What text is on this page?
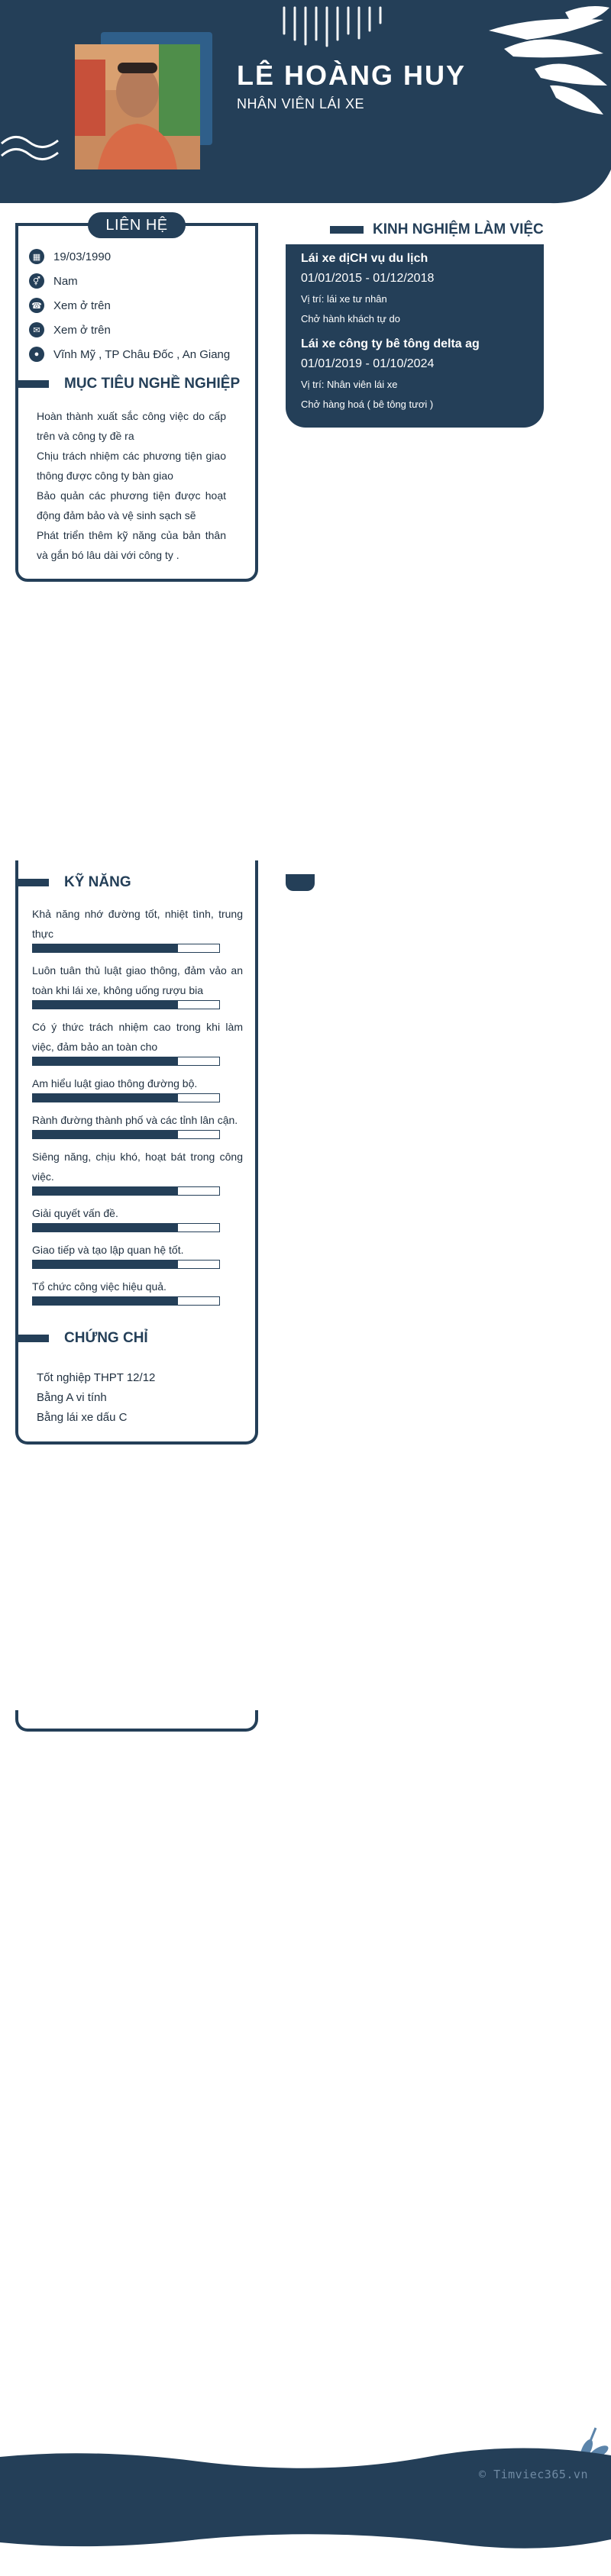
LÊ HOÀNG HUY
NHÂN VIÊN LÁI XE
LIÊN HỆ
▦	19/03/1990
⚥	Nam
☎ Xem ở trên
✉	Xem ở trên
●	Vĩnh Mỹ , TP Châu Đốc , An Giang
MỤC TIÊU NGHỀ NGHIỆP
Hoàn thành xuất sắc công việc do cấp trên và công ty đề ra
Chịu trách nhiệm các phương tiện giao thông được công ty bàn giao
Bảo quản các phương tiện được hoạt động đảm bảo và vệ sinh sạch sẽ
Phát triển thêm kỹ năng của bản thân và gắn bó lâu dài với công ty .
KINH NGHIỆM LÀM VIỆC
Lái xe dịCH vụ du lịch
01/01/2015 - 01/12/2018
Vị trí: lái xe tư nhân
Chở hành khách tự do
Lái xe công ty bê tông delta ag
01/01/2019 - 01/10/2024
Vị trí: Nhân viên lái xe
Chở hàng hoá ( bê tông tươi )
KỸ NĂNG
Khả năng nhớ đường tốt, nhiệt tình, trung thực
Luôn tuân thủ luật giao thông, đảm vảo an toàn khi lái xe, không uống rượu bia
Có ý thức trách nhiệm cao trong khi làm việc, đảm bảo an toàn cho
Am hiểu luật giao thông đường bộ.
Rành đường thành phố và các tỉnh lân cận.
Siêng năng, chịu khó, hoạt bát trong công việc.
Giải quyết vấn đề.
Giao tiếp và tạo lập quan hệ tốt.
Tổ chức công việc hiệu quả.
CHỨNG CHỈ
Tốt nghiệp THPT 12/12
Bằng A vi tính
Bằng lái xe dấu C
© Timviec365.vn
